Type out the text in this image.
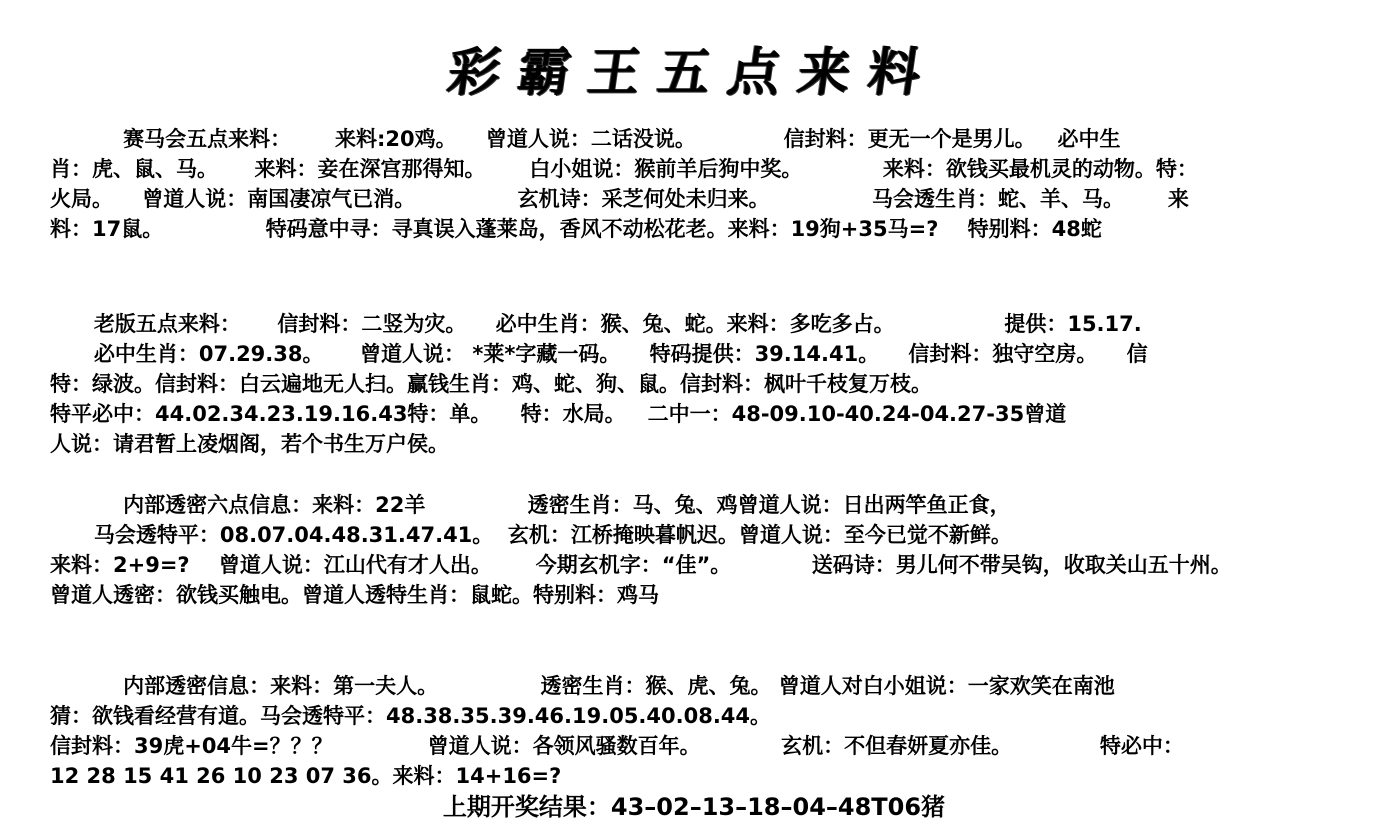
彩霸王五点来料
赛马会五点来料：      来料:20鸡。    曾道人说：二话没说。            信封料：更无一个是男儿。   必中生
肖：虎、鼠、马。     来料：妾在深宫那得知。      白小姐说：猴前羊后狗中奖。           来料：欲钱买最机灵的动物。特：
火局。    曾道人说：南国凄凉气已消。              玄机诗：采芝何处未归来。              马会透生肖：蛇、羊、马。      来
料：17鼠。              特码意中寻：寻真误入蓬莱岛，香风不动松花老。来料：19狗+35马=?    特别料：48蛇
老版五点来料：     信封料：二竖为灾。    必中生肖：猴、兔、蛇。来料：多吃多占。               提供：15.17.
必中生肖：07.29.38。     曾道人说： *莱*字藏一码。    特码提供：39.14.41。    信封料：独守空房。    信
特：绿波。信封料：白云遍地无人扫。赢钱生肖：鸡、蛇、狗、鼠。信封料：枫叶千枝复万枝。
特平必中：44.02.34.23.19.16.43特：单。    特：水局。   二中一：48-09.10-40.24-04.27-35曾道
人说：请君暂上凌烟阁，若个书生万户侯。
内部透密六点信息：来料：22羊              透密生肖：马、兔、鸡曾道人说：日出两竿鱼正食，
马会透特平：08.07.04.48.31.47.41。  玄机：江桥掩映暮帆迟。曾道人说：至今已觉不新鲜。
来料：2+9=?    曾道人说：江山代有才人出。      今期玄机字：“佳”。           送码诗：男儿何不带吴钩，收取关山五十州。
曾道人透密：欲钱买触电。曾道人透特生肖：鼠蛇。特别料：鸡马
内部透密信息：来料：第一夫人。              透密生肖：猴、虎、兔。 曾道人对白小姐说：一家欢笑在南池
猜：欲钱看经营有道。马会透特平：48.38.35.39.46.19.05.40.08.44。
信封料：39虎+04牛=？？？             曾道人说：各领风骚数百年。           玄机：不但春妍夏亦佳。            特必中：
12 28 15 41 26 10 23 07 36。来料：14+16=?
上期开奖结果：43–02–13–18–04–48T06猪
